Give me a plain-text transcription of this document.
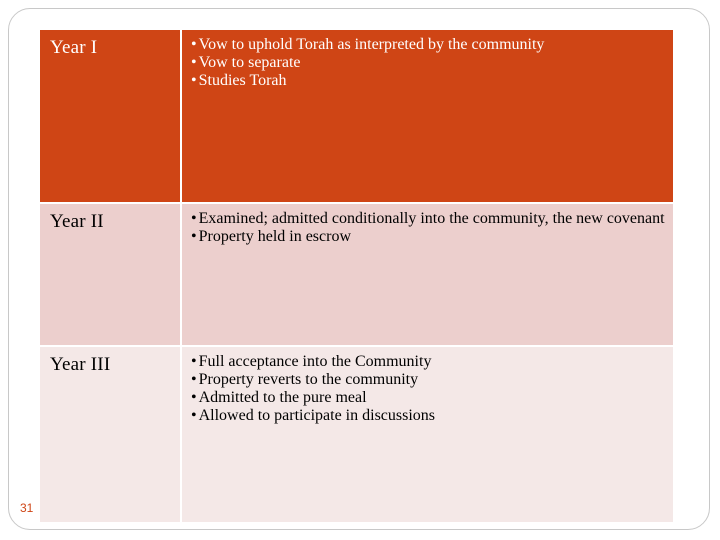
Year I	• Vow to uphold Torah as interpreted by the community
• Vow to separate
• Studies Torah
Year II	• Examined; admitted conditionally into the community, the new covenant
• Property held in escrow
Year III	• Full acceptance into the Community
• Property reverts to the community
• Admitted to the pure meal
• Allowed to participate in discussions
31
